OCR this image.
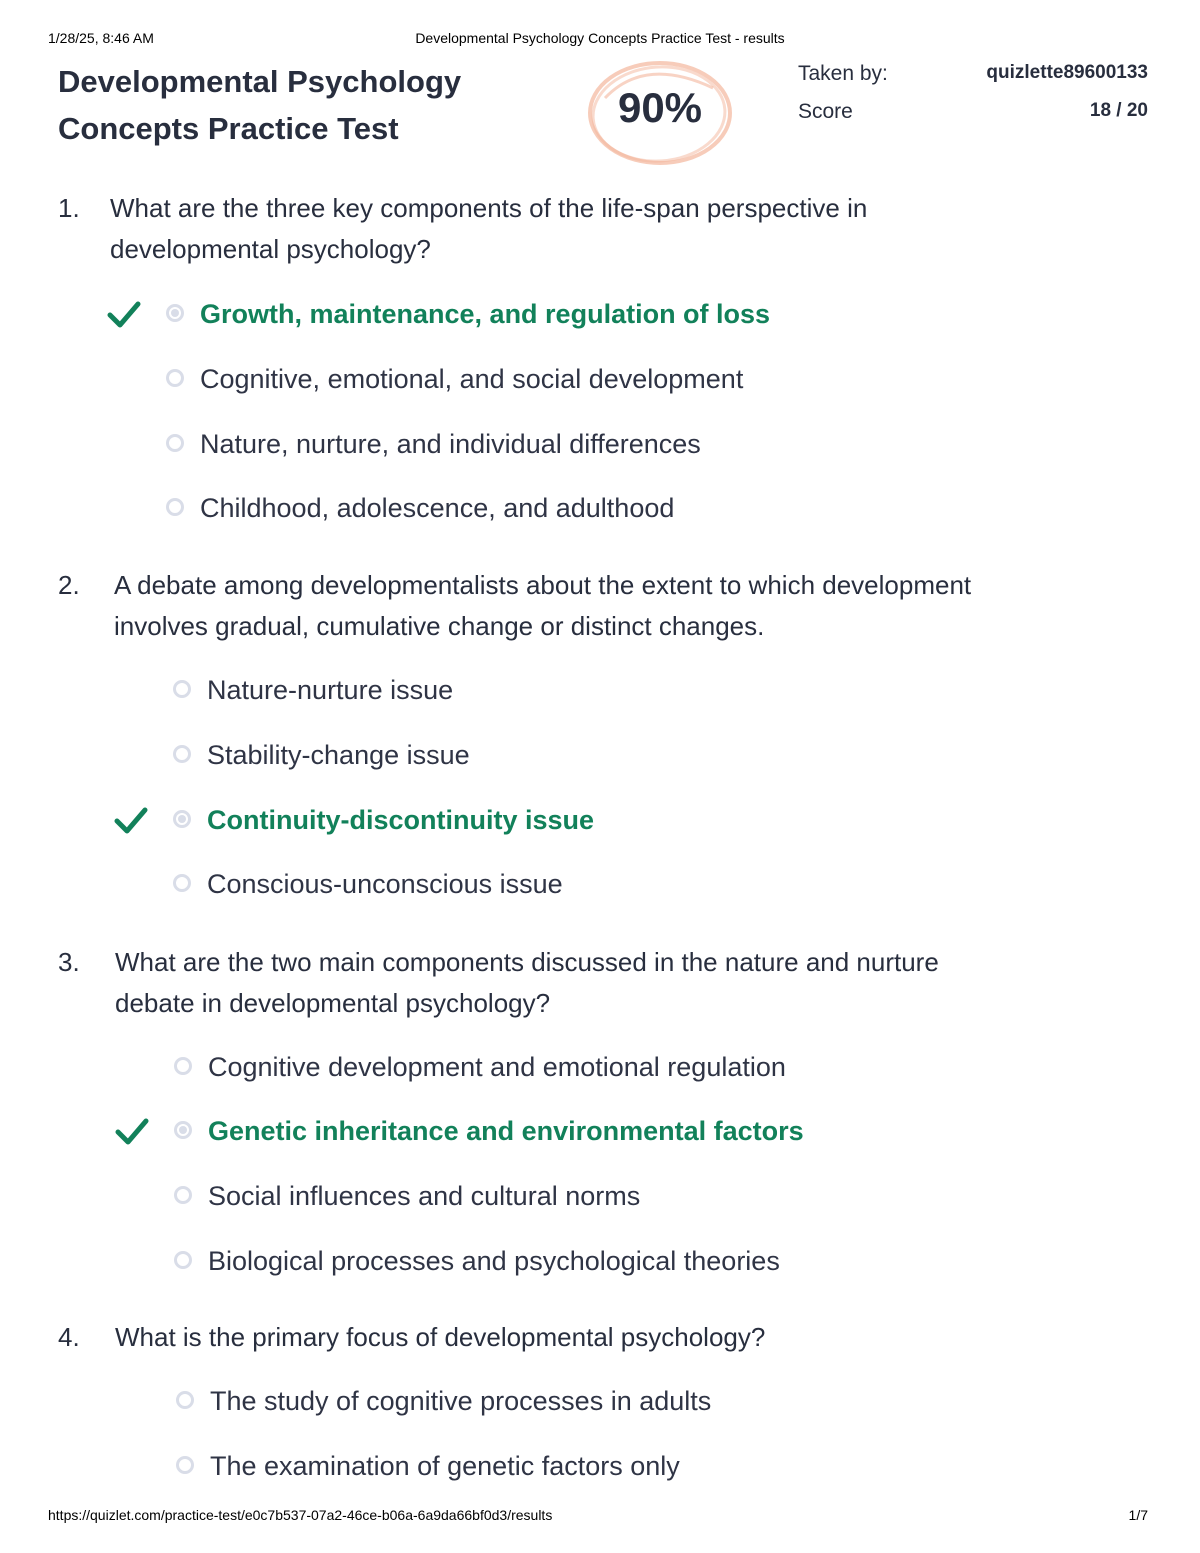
1/28/25, 8:46 AM	Developmental Psychology Concepts Practice Test - results
Developmental Psychology
Concepts Practice Test	90%
Taken by:	quizlette89600133
Score	18 / 20
1. What are the three key components of the life-span perspective in
developmental psychology?
Growth, maintenance, and regulation of loss
Cognitive, emotional, and social development
Nature, nurture, and individual differences
Childhood, adolescence, and adulthood
2. A debate among developmentalists about the extent to which development
involves gradual, cumulative change or distinct changes.
Nature-nurture issue
Stability-change issue
Continuity-discontinuity issue
Conscious-unconscious issue
3. What are the two main components discussed in the nature and nurture
debate in developmental psychology?
Cognitive development and emotional regulation
Genetic inheritance and environmental factors
Social influences and cultural norms
Biological processes and psychological theories
4. What is the primary focus of developmental psychology?
The study of cognitive processes in adults
The examination of genetic factors only
https://quizlet.com/practice-test/e0c7b537-07a2-46ce-b06a-6a9da66bf0d3/results	1/7
